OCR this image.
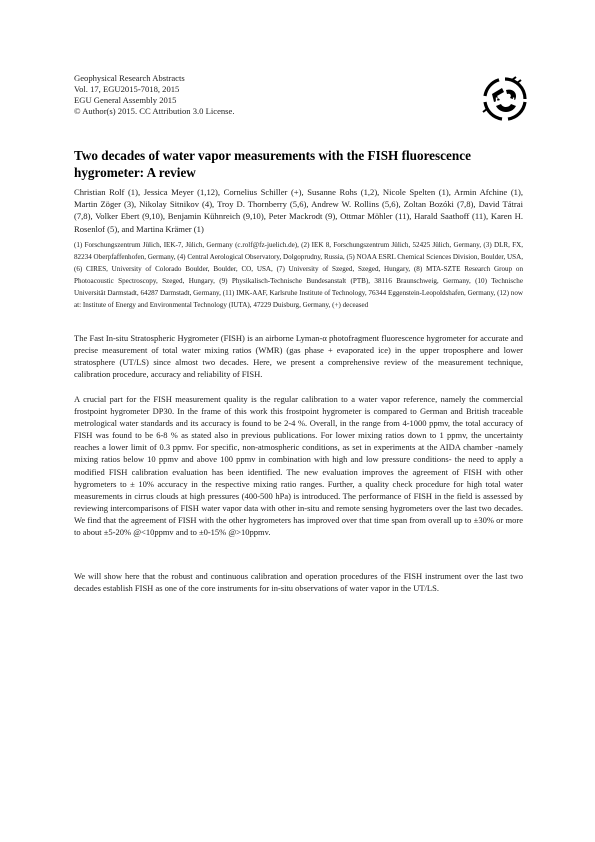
Geophysical Research Abstracts
Vol. 17, EGU2015-7018, 2015
EGU General Assembly 2015
© Author(s) 2015. CC Attribution 3.0 License.
EGU
Two decades of water vapor measurements with the FISH fluorescence hygrometer: A review

Christian Rolf (1), Jessica Meyer (1,12), Cornelius Schiller (+), Susanne Rohs (1,2), Nicole Spelten (1), Armin Afchine (1), Martin Zöger (3), Nikolay Sitnikov (4), Troy D. Thornberry (5,6), Andrew W. Rollins (5,6), Zoltan Bozóki (7,8), David Tátrai (7,8), Volker Ebert (9,10), Benjamin Kühnreich (9,10), Peter Mackrodt (9), Ottmar Möhler (11), Harald Saathoff (11), Karen H. Rosenlof (5), and Martina Krämer (1)

(1) Forschungszentrum Jülich, IEK-7, Jülich, Germany (c.rolf@fz-juelich.de), (2) IEK 8, Forschungszentrum Jülich, 52425 Jülich, Germany, (3) DLR, FX, 82234 Oberpfaffenhofen, Germany, (4) Central Aerological Observatory, Dolgoprudny, Russia, (5) NOAA ESRL Chemical Sciences Division, Boulder, USA, (6) CIRES, University of Colorado Boulder, Boulder, CO, USA, (7) University of Szeged, Szeged, Hungary, (8) MTA-SZTE Research Group on Photoacoustic Spectroscopy, Szeged, Hungary, (9) Physikalisch-Technische Bundesanstalt (PTB), 38116 Braunschweig, Germany, (10) Technische Universität Darmstadt, 64287 Darmstadt, Germany, (11) IMK-AAF, Karlsruhe Institute of Technology, 76344 Eggenstein-Leopoldshafen, Germany, (12) now at: Institute of Energy and Environmental Technology (IUTA), 47229 Duisburg, Germany, (+) deceased

The Fast In-situ Stratospheric Hygrometer (FISH) is an airborne Lyman-α photofragment fluorescence hygrometer for accurate and precise measurement of total water mixing ratios (WMR) (gas phase + evaporated ice) in the upper troposphere and lower stratosphere (UT/LS) since almost two decades. Here, we present a comprehensive review of the measurement technique, calibration procedure, accuracy and reliability of FISH.

A crucial part for the FISH measurement quality is the regular calibration to a water vapor reference, namely the commercial frostpoint hygrometer DP30. In the frame of this work this frostpoint hygrometer is compared to German and British traceable metrological water standards and its accuracy is found to be 2-4 %. Overall, in the range from 4-1000 ppmv, the total accuracy of FISH was found to be 6-8 % as stated also in previous publications. For lower mixing ratios down to 1 ppmv, the uncertainty reaches a lower limit of 0.3 ppmv. For specific, non-atmospheric conditions, as set in experiments at the AIDA chamber -namely mixing ratios below 10 ppmv and above 100 ppmv in combination with high and low pressure conditions- the need to apply a modified FISH calibration evaluation has been identified. The new evaluation improves the agreement of FISH with other hygrometers to ± 10% accuracy in the respective mixing ratio ranges. Further, a quality check procedure for high total water measurements in cirrus clouds at high pressures (400-500 hPa) is introduced. The performance of FISH in the field is assessed by reviewing intercomparisons of FISH water vapor data with other in-situ and remote sensing hygrometers over the last two decades. We find that the agreement of FISH with the other hygrometers has improved over that time span from overall up to ±30% or more to about ±5-20% @<10ppmv and to ±0-15% @>10ppmv.

We will show here that the robust and continuous calibration and operation procedures of the FISH instrument over the last two decades establish FISH as one of the core instruments for in-situ observations of water vapor in the UT/LS.
